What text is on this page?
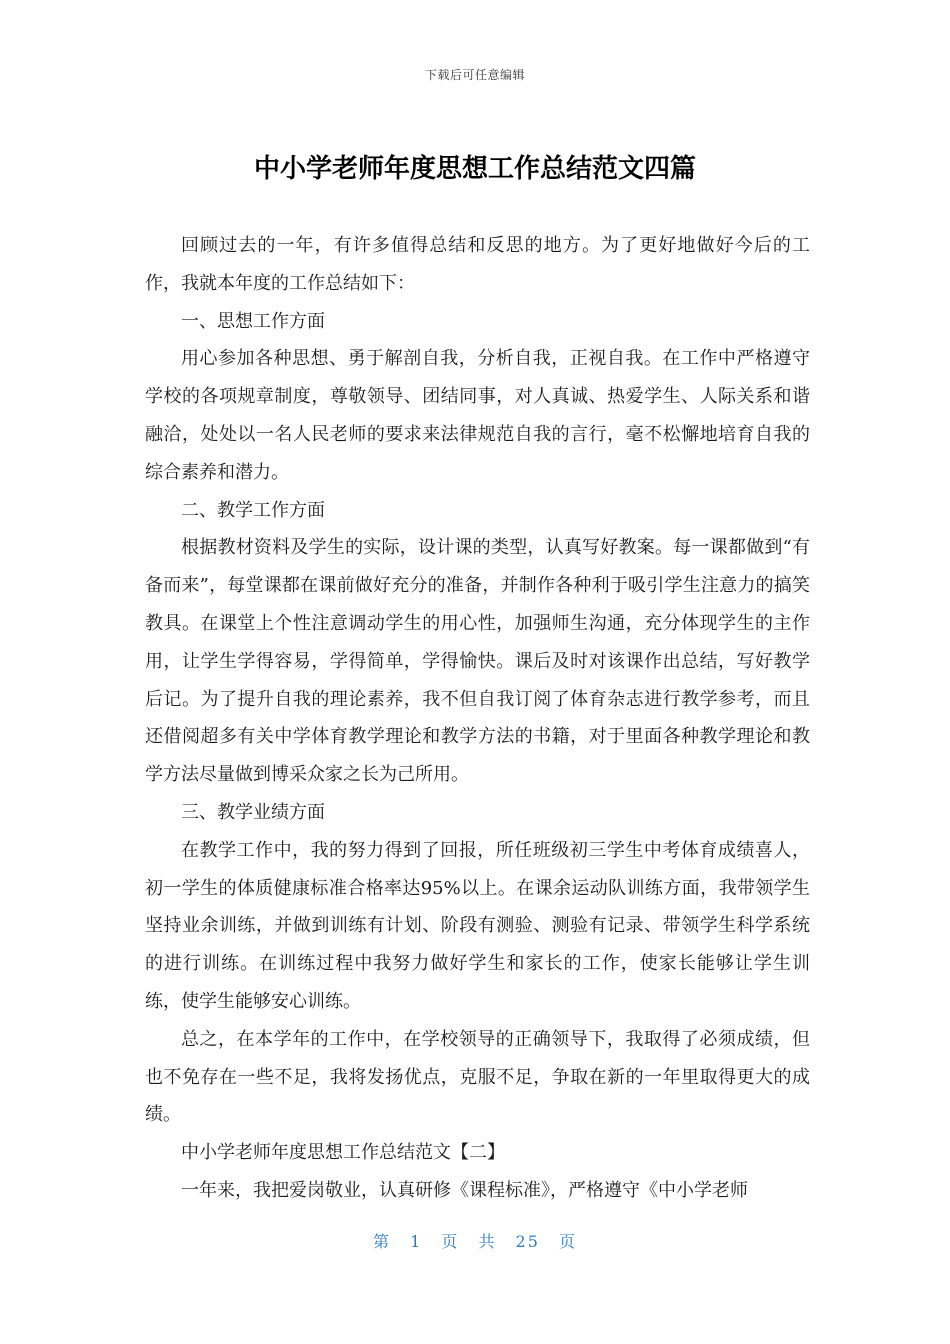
下载后可任意编辑
中小学老师年度思想工作总结范文四篇

回顾过去的一年，有许多值得总结和反思的地方。为了更好地做好今后的工作，我就本年度的工作总结如下：

一、思想工作方面

用心参加各种思想、勇于解剖自我，分析自我，正视自我。在工作中严格遵守学校的各项规章制度，尊敬领导、团结同事，对人真诚、热爱学生、人际关系和谐融洽，处处以一名人民老师的要求来法律规范自我的言行，毫不松懈地培育自我的综合素养和潜力。

二、教学工作方面

根据教材资料及学生的实际，设计课的类型，认真写好教案。每一课都做到“有备而来”，每堂课都在课前做好充分的准备，并制作各种利于吸引学生注意力的搞笑教具。在课堂上个性注意调动学生的用心性，加强师生沟通，充分体现学生的主作用，让学生学得容易，学得简单，学得愉快。课后及时对该课作出总结，写好教学后记。为了提升自我的理论素养，我不但自我订阅了体育杂志进行教学参考，而且还借阅超多有关中学体育教学理论和教学方法的书籍，对于里面各种教学理论和教学方法尽量做到博采众家之长为己所用。

三、教学业绩方面

在教学工作中，我的努力得到了回报，所任班级初三学生中考体育成绩喜人，初一学生的体质健康标准合格率达95%以上。在课余运动队训练方面，我带领学生坚持业余训练，并做到训练有计划、阶段有测验、测验有记录、带领学生科学系统的进行训练。在训练过程中我努力做好学生和家长的工作，使家长能够让学生训练，使学生能够安心训练。

总之，在本学年的工作中，在学校领导的正确领导下，我取得了必须成绩，但也不免存在一些不足，我将发扬优点，克服不足，争取在新的一年里取得更大的成绩。

中小学老师年度思想工作总结范文【二】

一年来，我把爱岗敬业，认真研修《课程标准》，严格遵守《中小学老师

第 1 页 共 25 页
